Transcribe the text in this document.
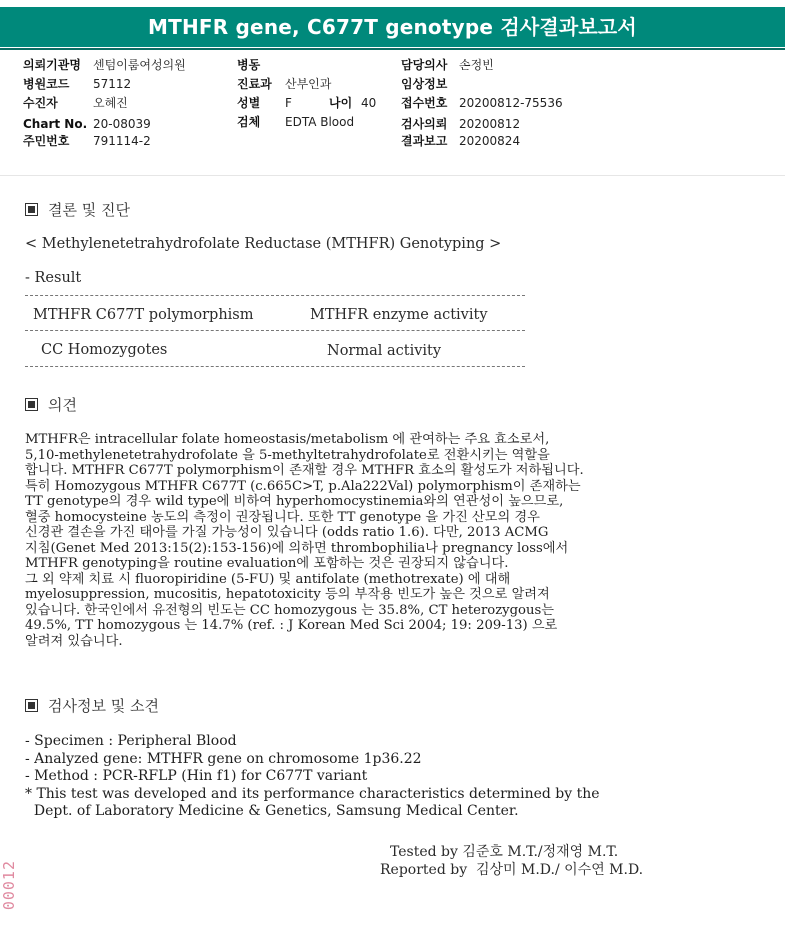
MTHFR gene, C677T genotype 검사결과보고서
의뢰기관명 센텀이룸여성의원
병원코드 57112
수진자	오혜진
Chart No. 20-08039
주민번호 791114-2
병동
진료과 산부인과
성별 F	나이 40
검체 EDTA Blood
담당의사 손정빈
임상정보
접수번호 20200812-75536
검사의뢰 20200812
결과보고 20200824
결론 및 진단
< Methylenetetrahydrofolate Reductase (MTHFR) Genotyping >
- Result
MTHFR C677T polymorphism	MTHFR enzyme activity
CC Homozygotes	Normal activity
의견
MTHFR은 intracellular folate homeostasis/metabolism 에 관여하는 주요 효소로서,
5,10-methylenetetrahydrofolate 을 5-methyltetrahydrofolate로 전환시키는 역할을
합니다. MTHFR C677T polymorphism이 존재할 경우 MTHFR 효소의 활성도가 저하됩니다.
특히 Homozygous MTHFR C677T (c.665C>T, p.Ala222Val) polymorphism이 존재하는
TT genotype의 경우 wild type에 비하여 hyperhomocystinemia와의 연관성이 높으므로,
혈중 homocysteine 농도의 측정이 권장됩니다. 또한 TT genotype 을 가진 산모의 경우
신경관 결손을 가진 태아를 가질 가능성이 있습니다 (odds ratio 1.6). 다만, 2013 ACMG
지침(Genet Med 2013:15(2):153-156)에 의하면 thrombophilia나 pregnancy loss에서
MTHFR genotyping을 routine evaluation에 포함하는 것은 권장되지 않습니다.
그 외 약제 치료 시 fluoropiridine (5-FU) 및 antifolate (methotrexate) 에 대해
myelosuppression, mucositis, hepatotoxicity 등의 부작용 빈도가 높은 것으로 알려져
있습니다. 한국인에서 유전형의 빈도는 CC homozygous 는 35.8%, CT heterozygous는
49.5%, TT homozygous 는 14.7% (ref. : J Korean Med Sci 2004; 19: 209-13) 으로
알려져 있습니다.
검사정보 및 소견
- Specimen : Peripheral Blood
- Analyzed gene: MTHFR gene on chromosome 1p36.22
- Method : PCR-RFLP (Hin f1) for C677T variant
* This test was developed and its performance characteristics determined by the
Dept. of Laboratory Medicine & Genetics, Samsung Medical Center.
Tested by 김준호 M.T./정재영 M.T.
Reported by  김상미 M.D./ 이수연 M.D.
00012
